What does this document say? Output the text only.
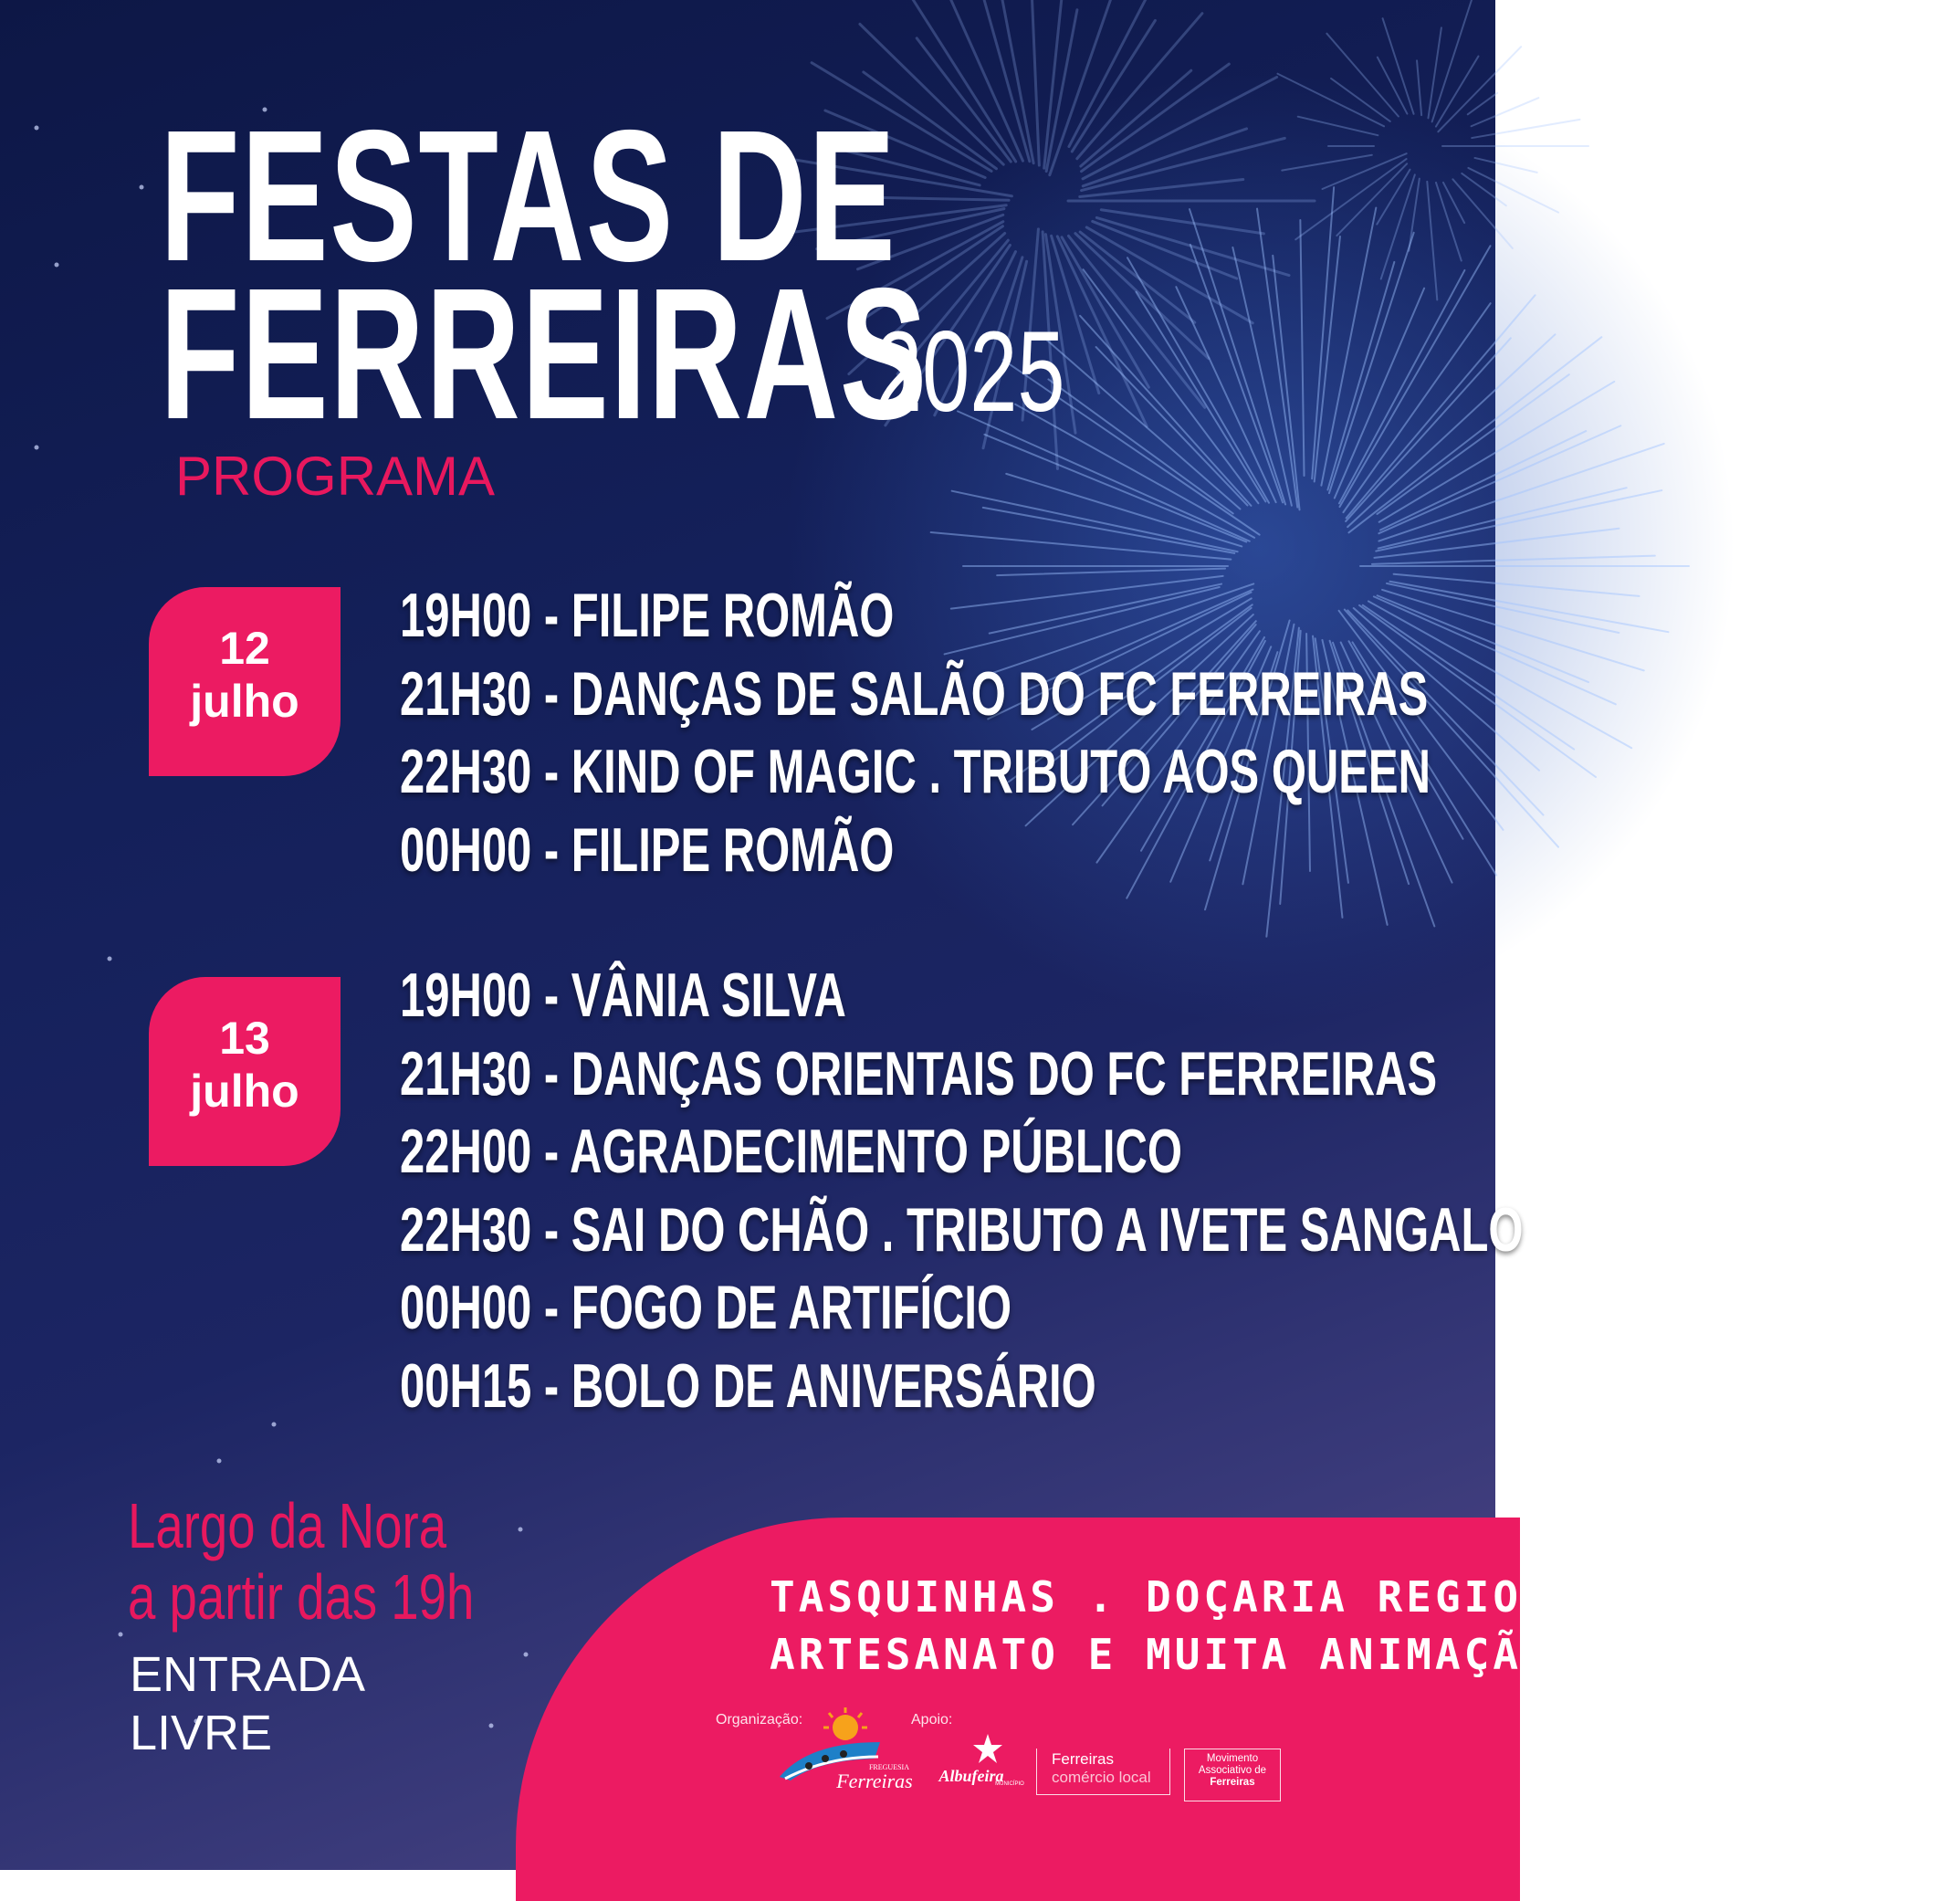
FESTAS DE
FERREIRAS
2025
PROGRAMA
12
julho
19H00 - FILIPE ROMÃO
21H30 - DANÇAS DE SALÃO DO FC FERREIRAS
22H30 - KIND OF MAGIC . TRIBUTO AOS QUEEN
00H00 - FILIPE ROMÃO
13
julho
19H00 - VÂNIA SILVA
21H30 - DANÇAS ORIENTAIS DO FC FERREIRAS
22H00 - AGRADECIMENTO PÚBLICO
22H30 - SAI DO CHÃO . TRIBUTO A IVETE SANGALO
00H00 - FOGO DE ARTIFÍCIO
00H15 - BOLO DE ANIVERSÁRIO
Largo da Nora
a partir das 19h
ENTRADA
LIVRE
TASQUINHAS . DOÇARIA REGIONAL
ARTESANATO E MUITA ANIMAÇÃO!
Organização:	Apoio:
FREGUESIA
Ferreiras Albufeira
MUNICÍPIO
Ferreiras
comércio local
Movimento
Associativo de
Ferreiras
